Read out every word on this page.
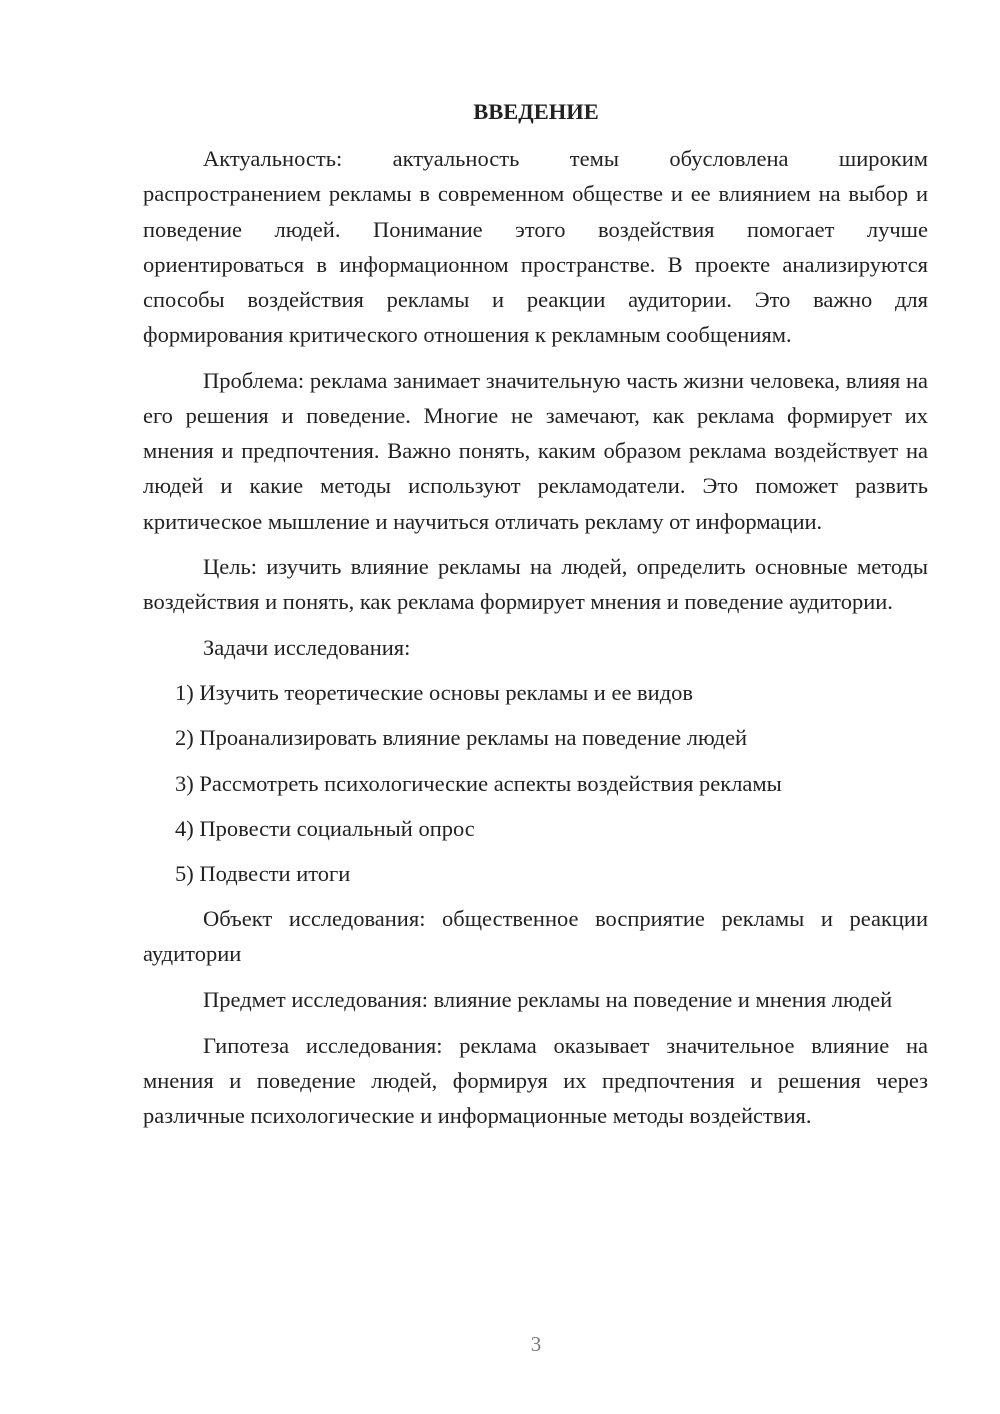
ВВЕДЕНИЕ

Актуальность: актуальность темы обусловлена широким распространением рекламы в современном обществе и ее влиянием на выбор и поведение людей. Понимание этого воздействия помогает лучше ориентироваться в информационном пространстве. В проекте анализируются способы воздействия рекламы и реакции аудитории. Это важно для формирования критического отношения к рекламным сообщениям.

Проблема: реклама занимает значительную часть жизни человека, влияя на его решения и поведение. Многие не замечают, как реклама формирует их мнения и предпочтения. Важно понять, каким образом реклама воздействует на людей и какие методы используют рекламодатели. Это поможет развить критическое мышление и научиться отличать рекламу от информации.

Цель: изучить влияние рекламы на людей, определить основные методы воздействия и понять, как реклама формирует мнения и поведение аудитории.

Задачи исследования:

1) Изучить теоретические основы рекламы и ее видов
2) Проанализировать влияние рекламы на поведение людей
3) Рассмотреть психологические аспекты воздействия рекламы
4) Провести социальный опрос
5) Подвести итоги

Объект исследования: общественное восприятие рекламы и реакции аудитории

Предмет исследования: влияние рекламы на поведение и мнения людей

Гипотеза исследования: реклама оказывает значительное влияние на мнения и поведение людей, формируя их предпочтения и решения через различные психологические и информационные методы воздействия.

3
